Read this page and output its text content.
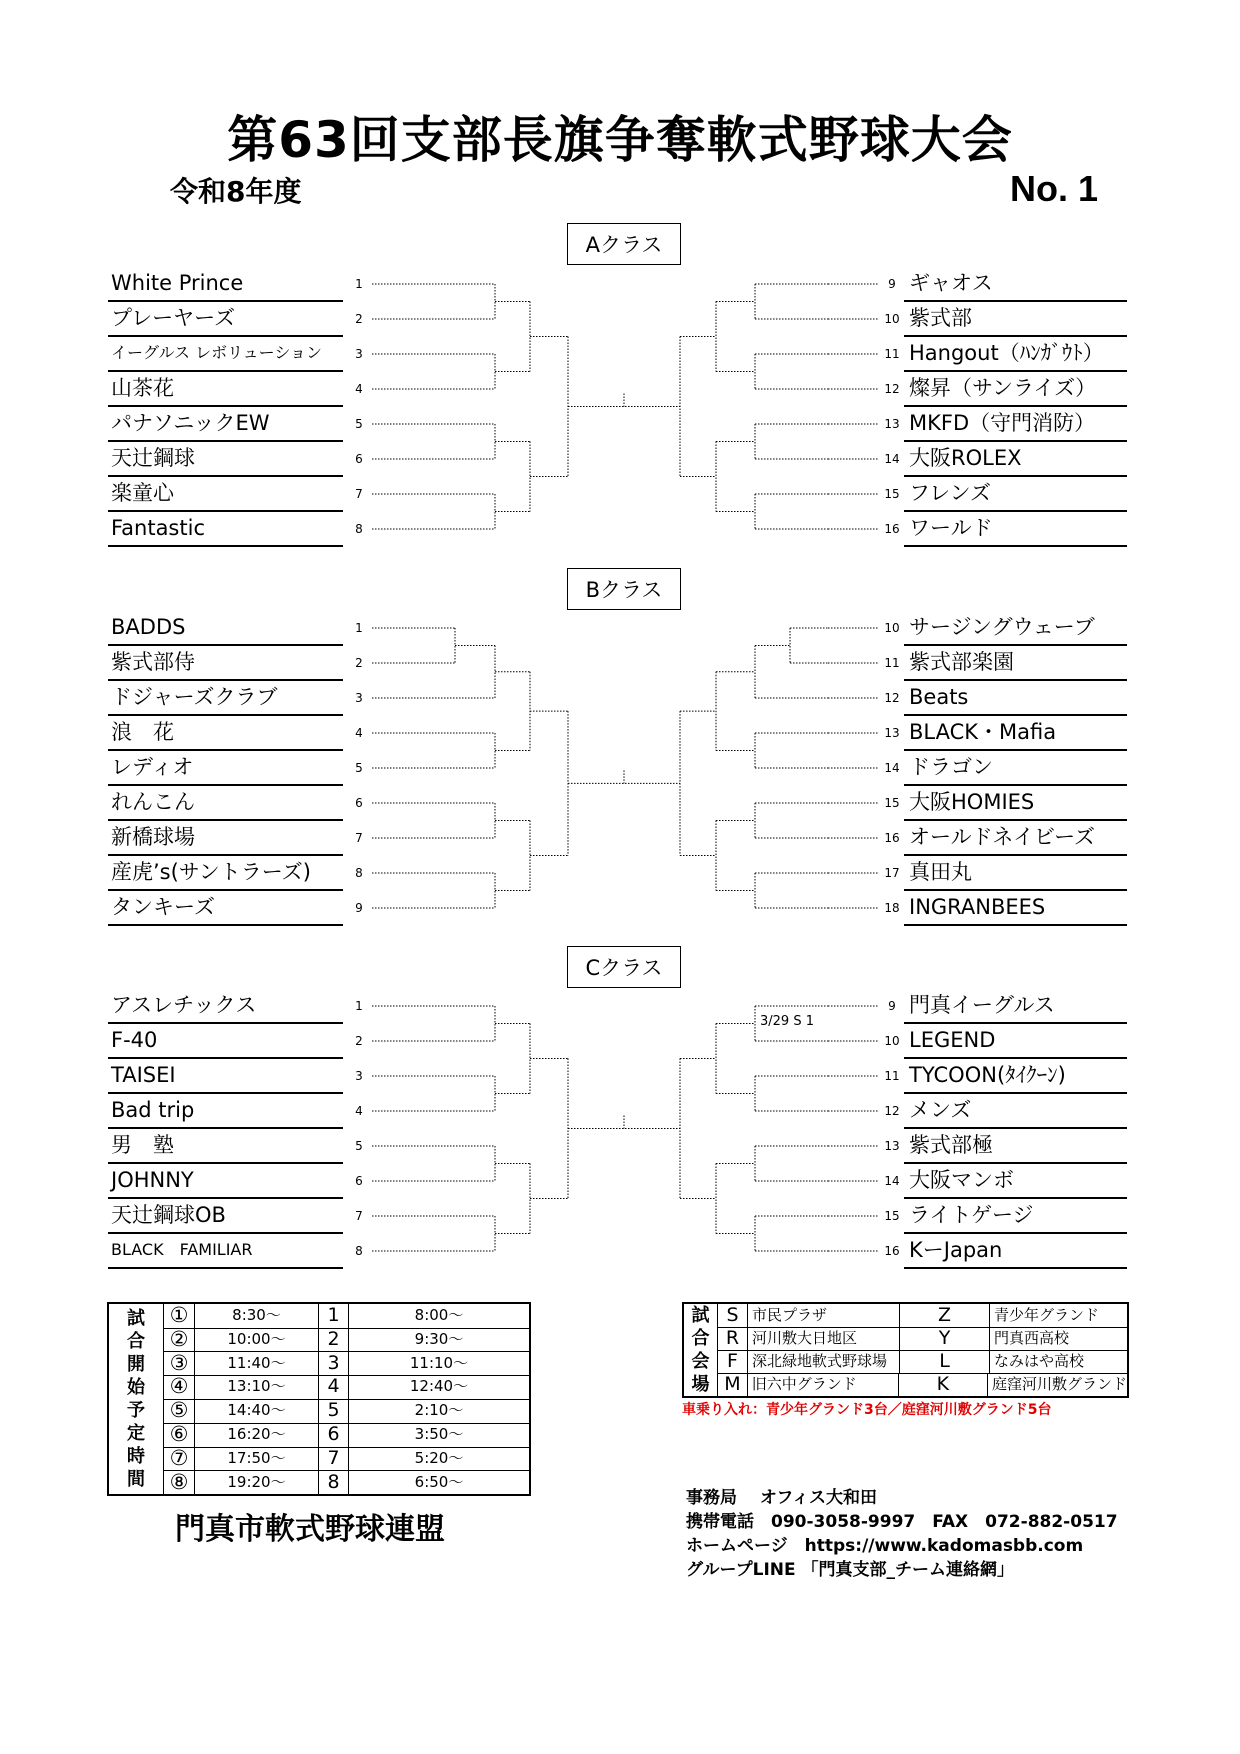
第63回支部長旗争奪軟式野球大会
令和8年度	No. 1
Aクラス
White Prince	1
プレーヤーズ	2
イーグルス レボリューション	3
山茶花	4
パナソニックEW	5
天辻鋼球	6
楽童心	7
Fantastic	8
ギャオス
9
紫式部
10
Hangout（ﾊﾝｶﾞｳﾄ）
11
燦昇（サンライズ）
12
MKFD（守門消防）
13
大阪ROLEX
14
フレンズ
15
ワールド
16
Bクラス
BADDS	1
紫式部侍	2
ドジャーズクラブ	3
浪　花	4
レディオ	5
れんこん	6
新橋球場	7
産虎’s(サントラーズ)	8
タンキーズ	9
サージングウェーブ
10
紫式部楽園
11
Beats
12
BLACK・Mafia
13
ドラゴン
14
大阪HOMIES
15
オールドネイビーズ
16
真田丸
17
INGRANBEES
18
Cクラス
アスレチックス	1
F-40	2
TAISEI	3
Bad trip	4
男　塾	5
JOHNNY	6
天辻鋼球OB	7
BLACK　FAMILIAR	8
門真イーグルス
9
LEGEND
10
TYCOON(ﾀｲｸｰﾝ)
11
メンズ
12
紫式部極
13
大阪マンボ
14
ライトゲージ
15
KーJapan
16
3/29 S 1
試
合
開
始
予
定
時
間
①	8:30～	1	8:00～
②	10:00～	2	9:30～
③	11:40～	3	11:10～
④	13:10～	4	12:40～
⑤	14:40～	5	2:10～
⑥	16:20～	6	3:50～
⑦	17:50～	7	5:20～
⑧	19:20～	8	6:50～
試
合
会
場
S 市民プラザ	Z	青少年グランド
R 河川敷大日地区	Y	門真西高校
F 深北緑地軟式野球場	L	なみはや高校
M 旧六中グランド	K	庭窪河川敷グランド
車乗り入れ：青少年グランド3台／庭窪河川敷グランド5台
門真市軟式野球連盟
事務局　 オフィス大和田
携帯電話　090-3058-9997　FAX　072-882-0517
ホームページ　https://www.kadomasbb.com
グループLINE 「門真支部_チーム連絡網」
